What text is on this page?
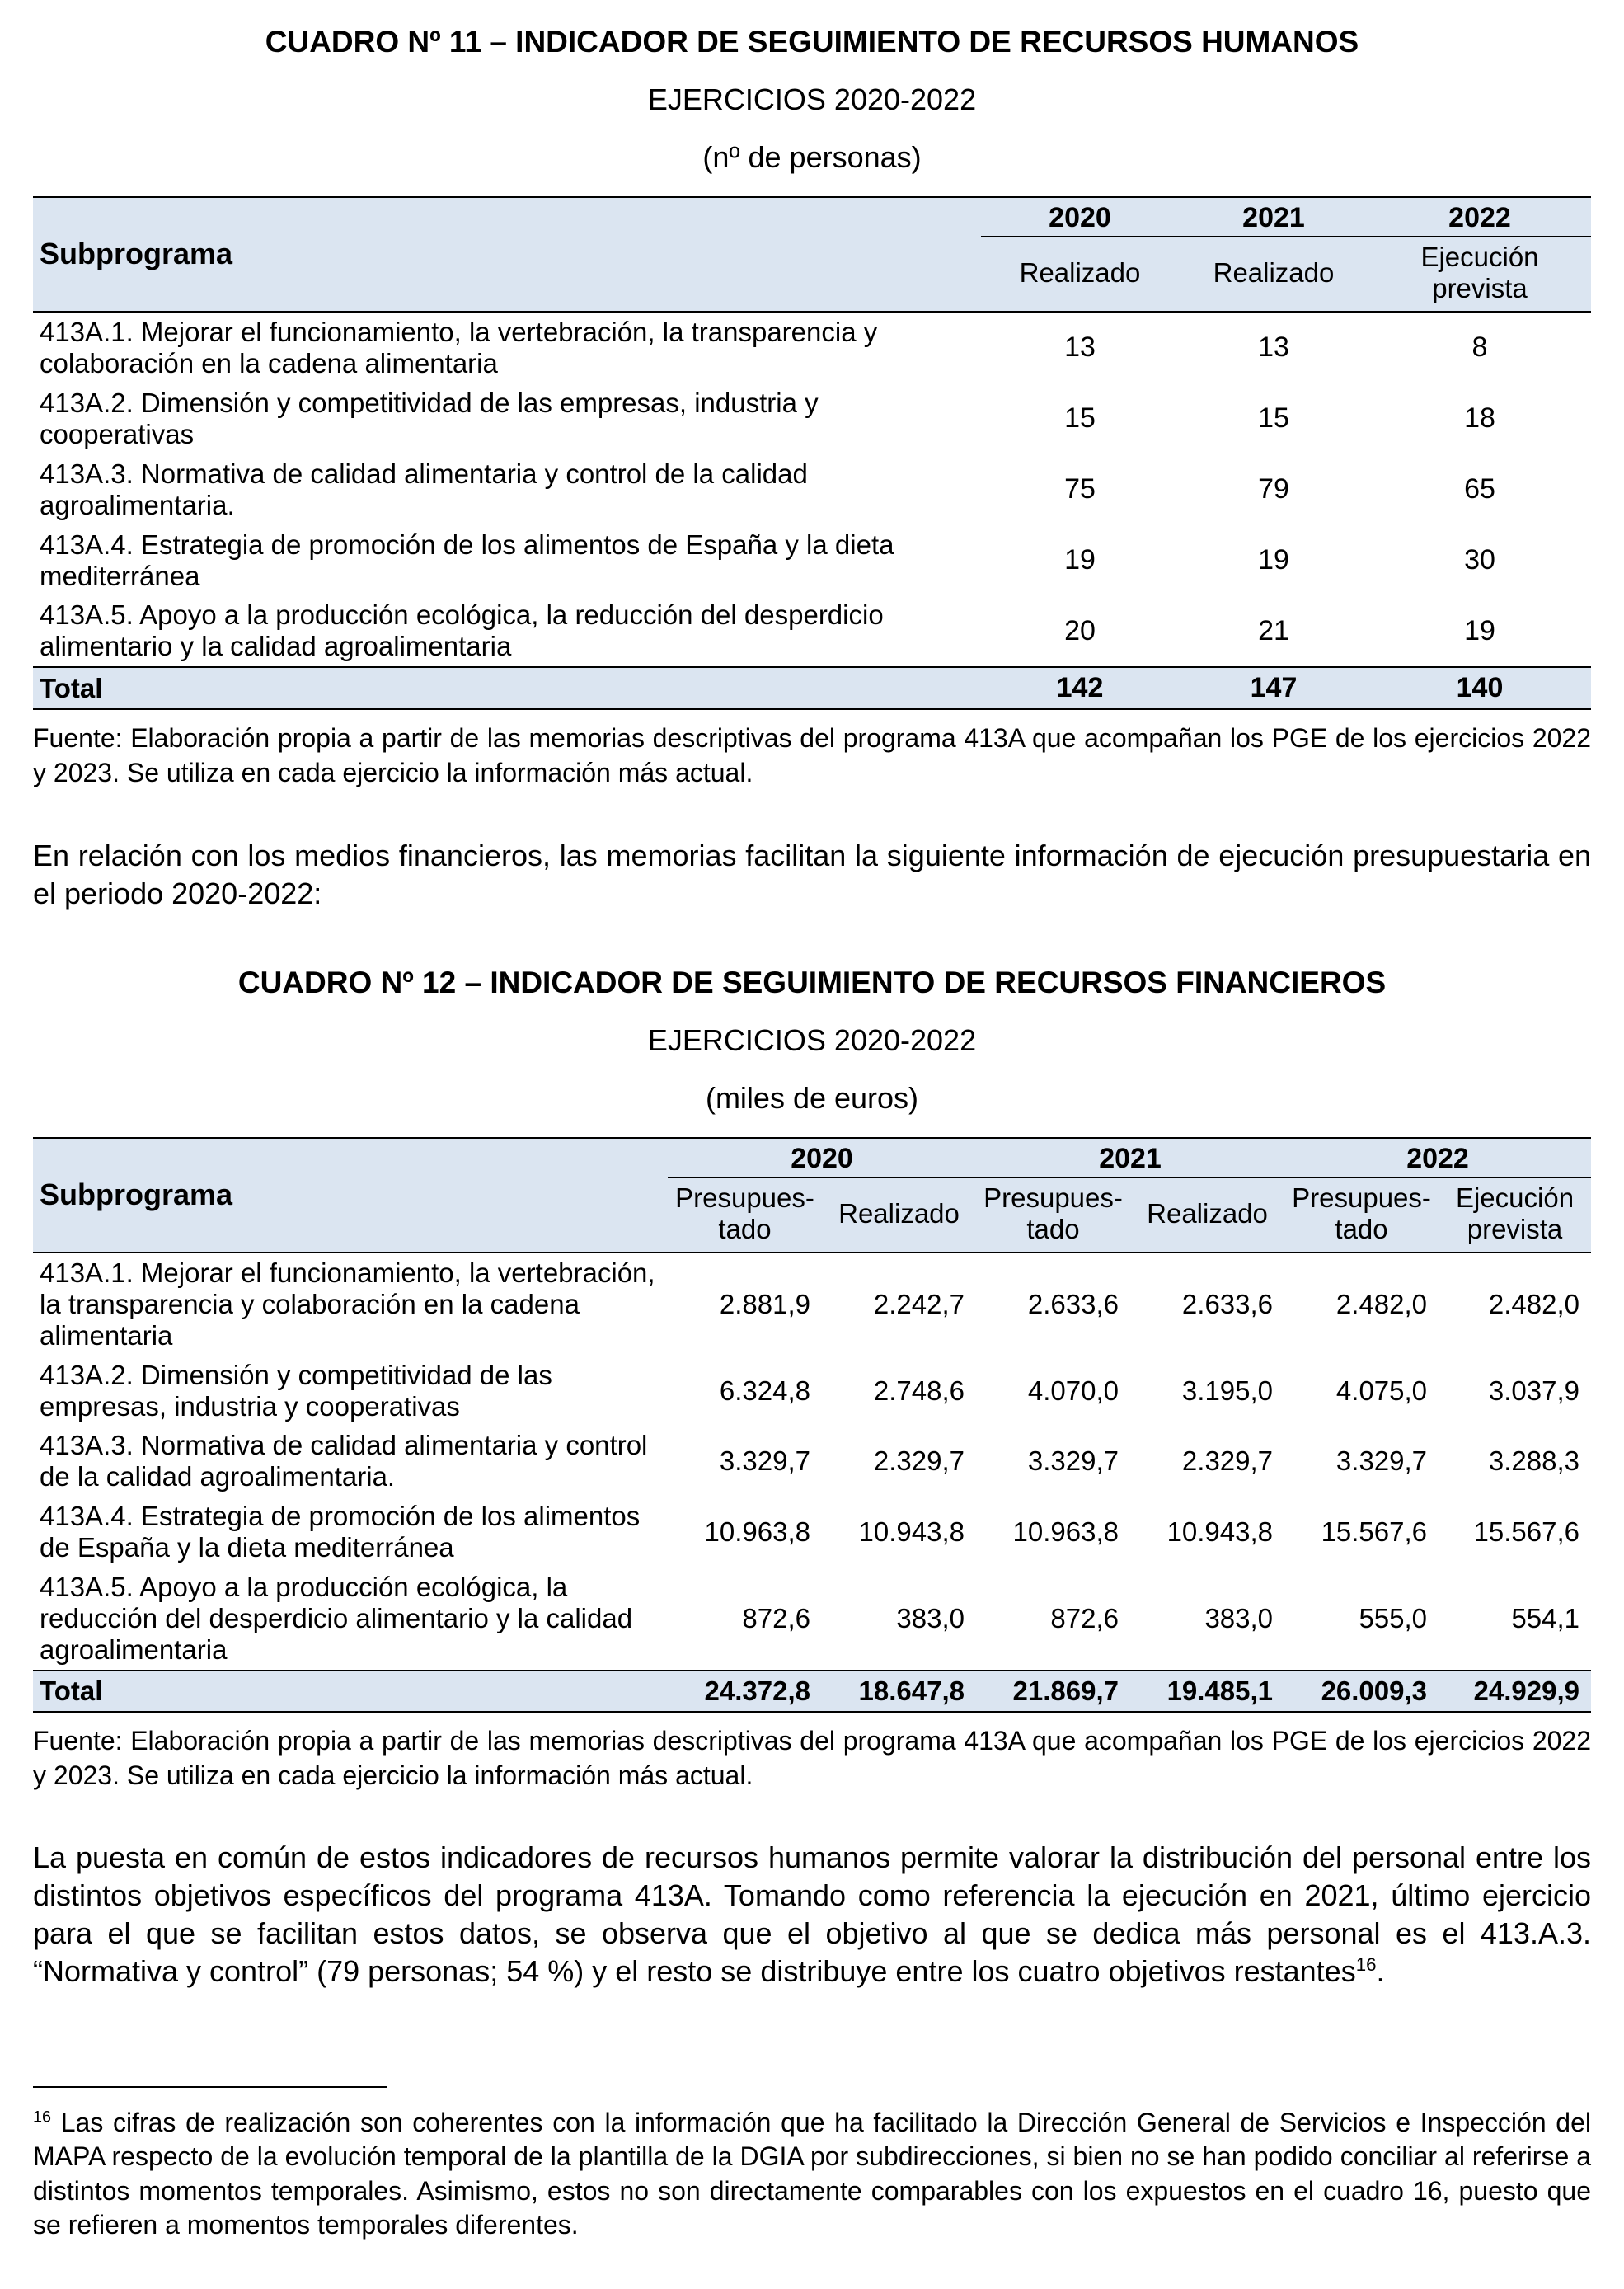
CUADRO Nº 11 – INDICADOR DE SEGUIMIENTO DE RECURSOS HUMANOS

EJERCICIOS 2020-2022

(nº de personas)

Subprograma	2020	2021	2022
	Realizado	Realizado	Ejecución
prevista
413A.1. Mejorar el funcionamiento, la vertebración, la transparencia y colaboración en la cadena alimentaria	13	13	8
413A.2. Dimensión y competitividad de las empresas, industria y cooperativas	15	15	18
413A.3. Normativa de calidad alimentaria y control de la calidad agroalimentaria.	75	79	65
413A.4. Estrategia de promoción de los alimentos de España y la dieta mediterránea	19	19	30
413A.5. Apoyo a la producción ecológica, la reducción del desperdicio alimentario y la calidad agroalimentaria	20	21	19
Total	142	147	140

Fuente: Elaboración propia a partir de las memorias descriptivas del programa 413A que acompañan los PGE de los ejercicios 2022 y 2023. Se utiliza en cada ejercicio la información más actual.

En relación con los medios financieros, las memorias facilitan la siguiente información de ejecución presupuestaria en el periodo 2020-2022:

CUADRO Nº 12 – INDICADOR DE SEGUIMIENTO DE RECURSOS FINANCIEROS

EJERCICIOS 2020-2022

(miles de euros)

Subprograma	2020		2021		2022	
	Presupues-
tado	Realizado	Presupues-
tado	Realizado	Presupues-
tado	Ejecución
prevista
413A.1. Mejorar el funcionamiento, la vertebración, la transparencia y colaboración en la cadena alimentaria	2.881,9	2.242,7	2.633,6	2.633,6	2.482,0	2.482,0
413A.2. Dimensión y competitividad de las empresas, industria y cooperativas	6.324,8	2.748,6	4.070,0	3.195,0	4.075,0	3.037,9
413A.3. Normativa de calidad alimentaria y control de la calidad agroalimentaria.	3.329,7	2.329,7	3.329,7	2.329,7	3.329,7	3.288,3
413A.4. Estrategia de promoción de los alimentos de España y la dieta mediterránea	10.963,8	10.943,8	10.963,8	10.943,8	15.567,6	15.567,6
413A.5. Apoyo a la producción ecológica, la reducción del desperdicio alimentario y la calidad agroalimentaria	872,6	383,0	872,6	383,0	555,0	554,1
Total	24.372,8	18.647,8	21.869,7	19.485,1	26.009,3	24.929,9

Fuente: Elaboración propia a partir de las memorias descriptivas del programa 413A que acompañan los PGE de los ejercicios 2022 y 2023. Se utiliza en cada ejercicio la información más actual.

La puesta en común de estos indicadores de recursos humanos permite valorar la distribución del personal entre los distintos objetivos específicos del programa 413A. Tomando como referencia la ejecución en 2021, último ejercicio para el que se facilitan estos datos, se observa que el objetivo al que se dedica más personal es el 413.A.3. “Normativa y control” (79 personas; 54 %) y el resto se distribuye entre los cuatro objetivos restantes$^{16}$.

$^{16}$ Las cifras de realización son coherentes con la información que ha facilitado la Dirección General de Servicios e Inspección del MAPA respecto de la evolución temporal de la plantilla de la DGIA por subdirecciones, si bien no se han podido conciliar al referirse a distintos momentos temporales. Asimismo, estos no son directamente comparables con los expuestos en el cuadro 16, puesto que se refieren a momentos temporales diferentes.
